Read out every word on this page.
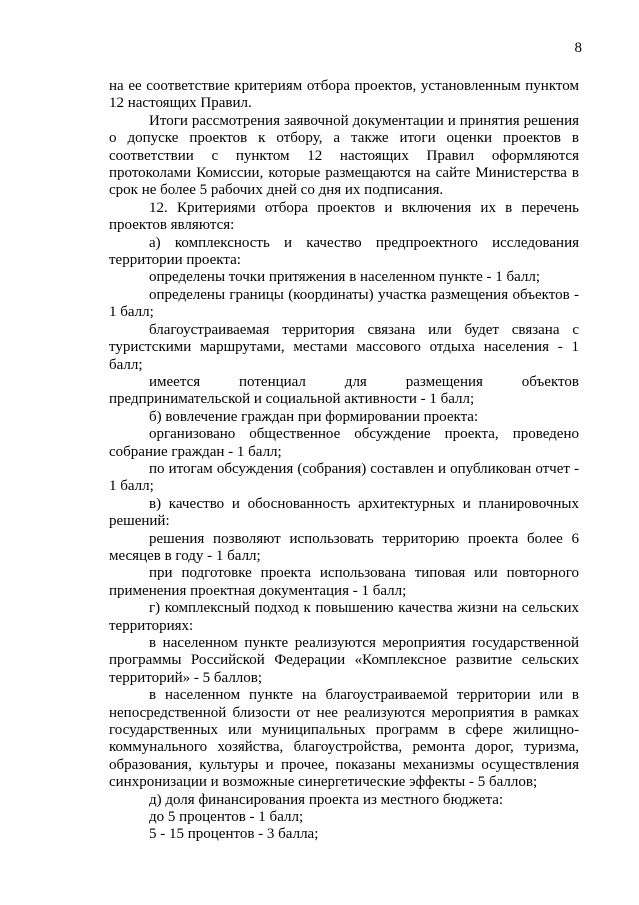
8

на ее соответствие критериям отбора проектов, установленным пунктом 12 настоящих Правил.

Итоги рассмотрения заявочной документации и принятия решения о допуске проектов к отбору, а также итоги оценки проектов в соответствии с пунктом 12 настоящих Правил оформляются протоколами Комиссии, которые размещаются на сайте Министерства в срок не более 5 рабочих дней со дня их подписания.

12. Критериями отбора проектов и включения их в перечень проектов являются:

а) комплексность и качество предпроектного исследования территории проекта:

определены точки притяжения в населенном пункте - 1 балл;

определены границы (координаты) участка размещения объектов - 1 балл;

благоустраиваемая территория связана или будет связана с туристскими маршрутами, местами массового отдыха населения - 1 балл;

имеется потенциал для размещения объектов предпринимательской и социальной активности - 1 балл;

б) вовлечение граждан при формировании проекта:

организовано общественное обсуждение проекта, проведено собрание граждан - 1 балл;

по итогам обсуждения (собрания) составлен и опубликован отчет - 1 балл;

в) качество и обоснованность архитектурных и планировочных решений:

решения позволяют использовать территорию проекта более 6 месяцев в году - 1 балл;

при подготовке проекта использована типовая или повторного применения проектная документация - 1 балл;

г) комплексный подход к повышению качества жизни на сельских территориях:

в населенном пункте реализуются мероприятия государственной программы Российской Федерации «Комплексное развитие сельских территорий» - 5 баллов;

в населенном пункте на благоустраиваемой территории или в непосредственной близости от нее реализуются мероприятия в рамках государственных или муниципальных программ в сфере жилищно-коммунального хозяйства, благоустройства, ремонта дорог, туризма, образования, культуры и прочее, показаны механизмы осуществления синхронизации и возможные синергетические эффекты - 5 баллов;

д) доля финансирования проекта из местного бюджета:

до 5 процентов - 1 балл;

5 - 15 процентов - 3 балла;
